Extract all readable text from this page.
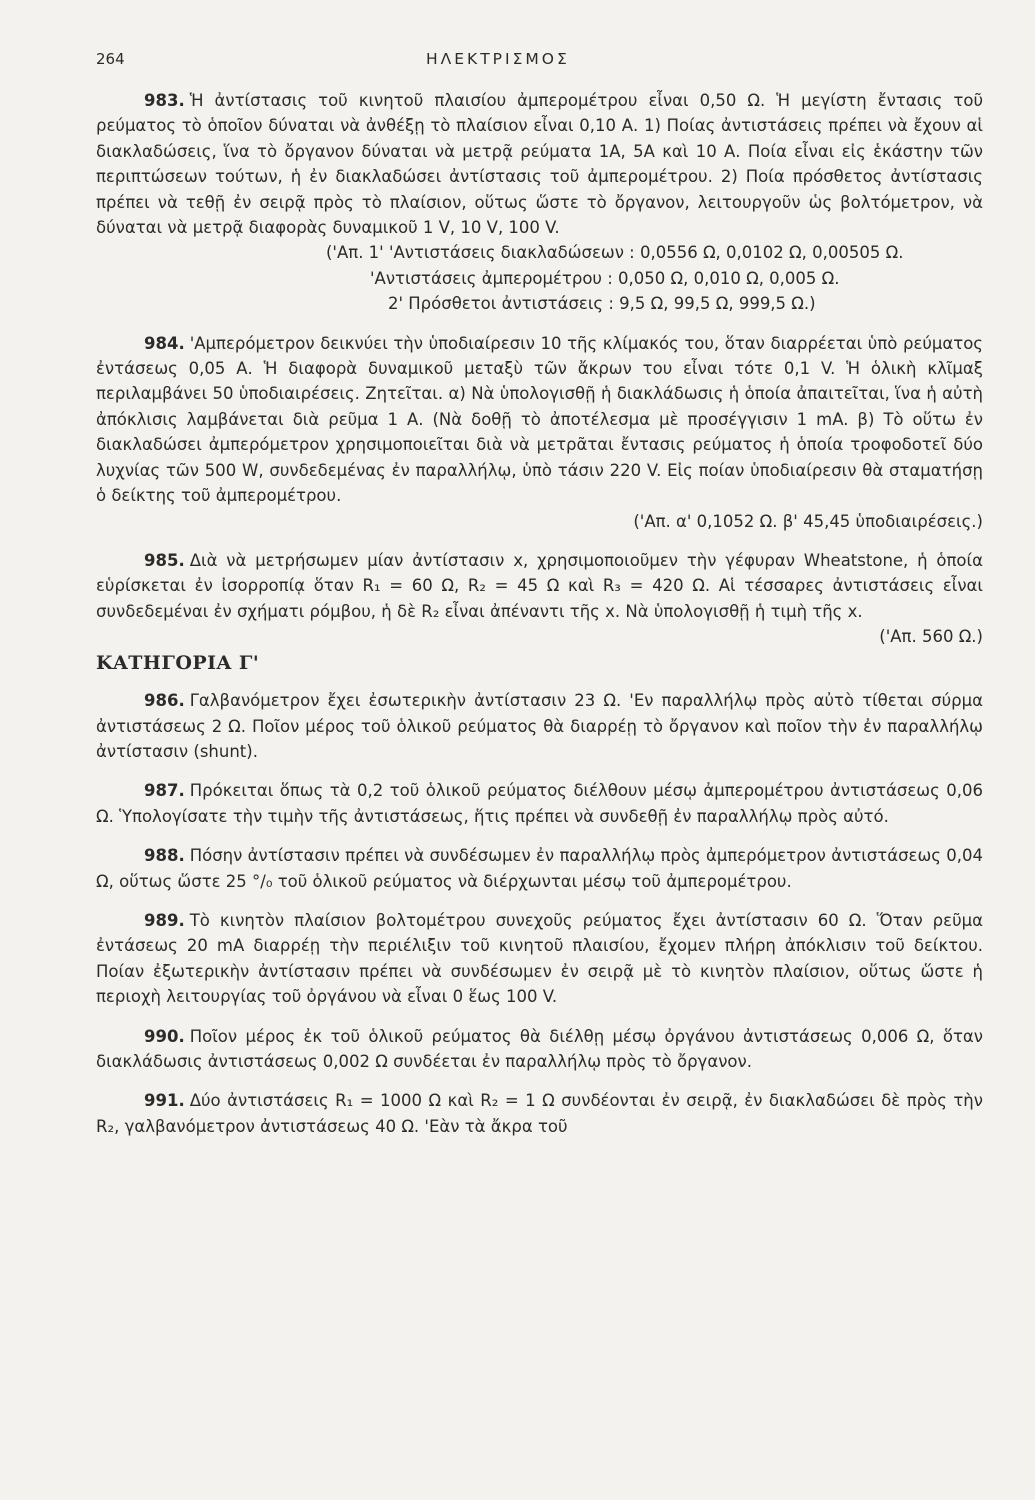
264	ΗΛΕΚΤΡΙΣΜΟΣ

983. Ἡ ἀντίστασις τοῦ κινητοῦ πλαισίου ἀμπερομέτρου εἶναι 0,50 Ω. Ἡ μεγίστη ἔντασις τοῦ ρεύματος τὸ ὁποῖον δύναται νὰ ἀνθέξῃ τὸ πλαίσιον εἶναι 0,10 Α. 1) Ποίας ἀντιστάσεις πρέπει νὰ ἔχουν αἱ διακλαδώσεις, ἵνα τὸ ὄργανον δύναται νὰ μετρᾷ ρεύματα 1Α, 5Α καὶ 10 Α. Ποία εἶναι εἰς ἑκάστην τῶν περιπτώσεων τούτων, ἡ ἐν διακλαδώσει ἀντίστασις τοῦ ἀμπερομέτρου. 2) Ποία πρόσθετος ἀντίστασις πρέπει νὰ τεθῇ ἐν σειρᾷ πρὸς τὸ πλαίσιον, οὕτως ὥστε τὸ ὄργανον, λειτουργοῦν ὡς βολτόμετρον, νὰ δύναται νὰ μετρᾷ διαφορὰς δυναμικοῦ 1 V, 10 V, 100 V.

('Απ. 1' 'Αντιστάσεις διακλαδώσεων : 0,0556 Ω, 0,0102 Ω, 0,00505 Ω.
'Αντιστάσεις ἀμπερομέτρου : 0,050 Ω, 0,010 Ω, 0,005 Ω.
2' Πρόσθετοι ἀντιστάσεις : 9,5 Ω, 99,5 Ω, 999,5 Ω.)

984. 'Αμπερόμετρον δεικνύει τὴν ὑποδιαίρεσιν 10 τῆς κλίμακός του, ὅταν διαρρέεται ὑπὸ ρεύματος ἐντάσεως 0,05 Α. Ἡ διαφορὰ δυναμικοῦ μεταξὺ τῶν ἄκρων του εἶναι τότε 0,1 V. Ἡ ὁλικὴ κλῖμαξ περιλαμβάνει 50 ὑποδιαιρέσεις. Ζητεῖται. α) Νὰ ὑπολογισθῇ ἡ διακλάδωσις ἡ ὁποία ἀπαιτεῖται, ἵνα ἡ αὐτὴ ἀπόκλισις λαμβάνεται διὰ ρεῦμα 1 Α. (Νὰ δοθῇ τὸ ἀποτέλεσμα μὲ προσέγγισιν 1 mA. β) Τὸ οὕτω ἐν διακλαδώσει ἀμπερόμετρον χρησιμοποιεῖται διὰ νὰ μετρᾶται ἔντασις ρεύματος ἡ ὁποία τροφοδοτεῖ δύο λυχνίας τῶν 500 W, συνδεδεμένας ἐν παραλλήλῳ, ὑπὸ τάσιν 220 V. Εἰς ποίαν ὑποδιαίρεσιν θὰ σταματήσῃ ὁ δείκτης τοῦ ἀμπερομέτρου.

('Απ. α' 0,1052 Ω. β' 45,45 ὑποδιαιρέσεις.)

985. Διὰ νὰ μετρήσωμεν μίαν ἀντίστασιν x, χρησιμοποιοῦμεν τὴν γέφυραν Wheatstone, ἡ ὁποία εὑρίσκεται ἐν ἰσορροπίᾳ ὅταν R₁ = 60 Ω, R₂ = 45 Ω καὶ R₃ = 420 Ω. Αἱ τέσσαρες ἀντιστάσεις εἶναι συνδεδεμέναι ἐν σχήματι ρόμβου, ἡ δὲ R₂ εἶναι ἀπέναντι τῆς x. Νὰ ὑπολογισθῇ ἡ τιμὴ τῆς x.
('Απ. 560 Ω.)

ΚΑΤΗΓΟΡΙΑ Γ'

986. Γαλβανόμετρον ἔχει ἐσωτερικὴν ἀντίστασιν 23 Ω. 'Εν παραλλήλῳ πρὸς αὐτὸ τίθεται σύρμα ἀντιστάσεως 2 Ω. Ποῖον μέρος τοῦ ὁλικοῦ ρεύματος θὰ διαρρέῃ τὸ ὄργανον καὶ ποῖον τὴν ἐν παραλλήλῳ ἀντίστασιν (shunt).

987. Πρόκειται ὅπως τὰ 0,2 τοῦ ὁλικοῦ ρεύματος διέλθουν μέσῳ ἀμπερομέτρου ἀντιστάσεως 0,06 Ω. Ὑπολογίσατε τὴν τιμὴν τῆς ἀντιστάσεως, ἥτις πρέπει νὰ συνδεθῇ ἐν παραλλήλῳ πρὸς αὐτό.

988. Πόσην ἀντίστασιν πρέπει νὰ συνδέσωμεν ἐν παραλλήλῳ πρὸς ἀμπερόμετρον ἀντιστάσεως 0,04 Ω, οὕτως ὥστε 25 °/₀ τοῦ ὁλικοῦ ρεύματος νὰ διέρχωνται μέσῳ τοῦ ἀμπερομέτρου.

989. Τὸ κινητὸν πλαίσιον βολτομέτρου συνεχοῦς ρεύματος ἔχει ἀντίστασιν 60 Ω. Ὅταν ρεῦμα ἐντάσεως 20 mA διαρρέῃ τὴν περιέλιξιν τοῦ κινητοῦ πλαισίου, ἔχομεν πλήρη ἀπόκλισιν τοῦ δείκτου. Ποίαν ἐξωτερικὴν ἀντίστασιν πρέπει νὰ συνδέσωμεν ἐν σειρᾷ μὲ τὸ κινητὸν πλαίσιον, οὕτως ὥστε ἡ περιοχὴ λειτουργίας τοῦ ὀργάνου νὰ εἶναι 0 ἕως 100 V.

990. Ποῖον μέρος ἐκ τοῦ ὁλικοῦ ρεύματος θὰ διέλθῃ μέσῳ ὀργάνου ἀντιστάσεως 0,006 Ω, ὅταν διακλάδωσις ἀντιστάσεως 0,002 Ω συνδέεται ἐν παραλλήλῳ πρὸς τὸ ὄργανον.

991. Δύο ἀντιστάσεις R₁ = 1000 Ω καὶ R₂ = 1 Ω συνδέονται ἐν σειρᾷ, ἐν διακλαδώσει δὲ πρὸς τὴν R₂, γαλβανόμετρον ἀντιστάσεως 40 Ω. 'Εὰν τὰ ἄκρα τοῦ
